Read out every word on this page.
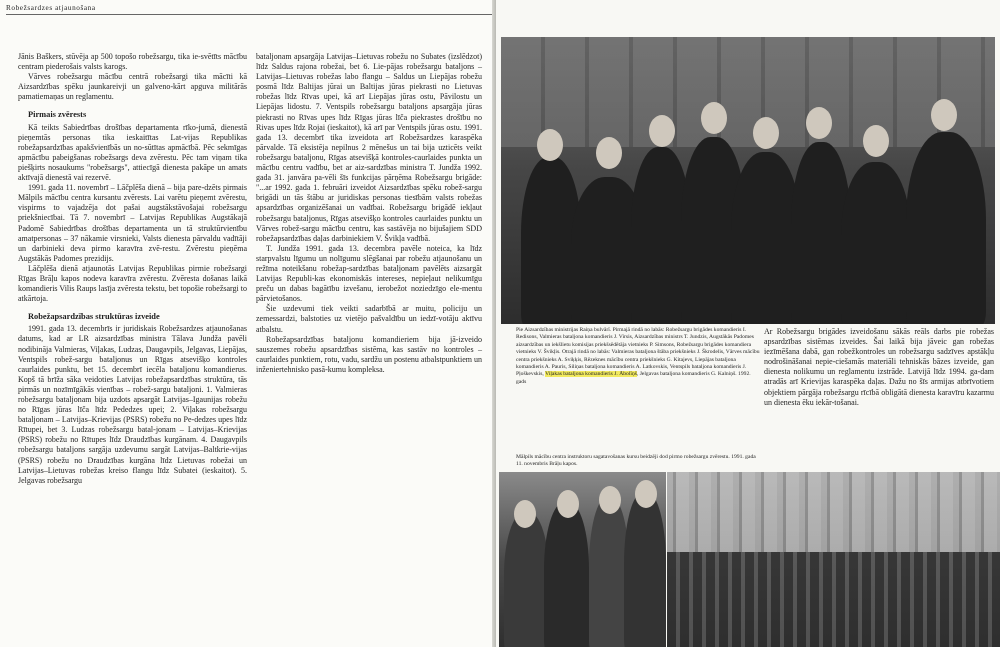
Robežsardzes atjaunošana

Jānis Baškers, stūvēja ap 500 topošo robežsargu, tika ie-svētīts mācību centram piederošais valsts karogs.

Vārves robežsargu mācību centrā robežsargi tika mācīti kā Aizsardzības spēku jaunkareivji un galveno-kārt apguva militārās pamatiemaņas un reglamentu.

Pirmais zvērests

Kā teikts Sabiedrības drošības departamenta rīko-jumā, dienestā pieņemtās personas tika ieskaitītas Lat-vijas Republikas robežapsardzības apakšvienībās un no-sūtītas apmācībā. Pēc sekmīgas apmācību pabeigšanas robežsargs deva zvērestu. Pēc tam viņam tika piešķirts nosaukums "robežsargs", attiecīgā dienesta pakāpe un amats aktīvajā dienestā vai rezervē.

1991. gada 11. novembrī – Lāčplēša dienā – bija pare-dzēts pirmais Mālpils mācību centra kursantu zvērests. Lai varētu pieņemt zvērestu, vispirms to vajadzēja dot pašai augstākstāvošajai robežsargu priekšniecībai. Tā 7. novembrī – Latvijas Republikas Augstākajā Padomē Sabiedrības drošības departamenta un tā struktūrvienību amatpersonas – 37 nākamie virsnieki, Valsts dienesta pārvaldu vadītāji un darbinieki deva pirmo karavīra zvē-restu. Zvērestu pieņēma Augstākās Padomes prezidijs.

Lāčplēša dienā atjaunotās Latvijas Republikas pirmie robežsargi Rīgas Brāļu kapos nodeva karavīra zvērestu. Zvēresta došanas laikā komandieris Vilis Raups lasīja zvēresta tekstu, bet topošie robežsargi to atkārtoja.

Robežapsardzības struktūras izveide

1991. gada 13. decembrīs ir juridiskais Robežsardzes atjaunošanas datums, kad ar LR aizsardzības ministra Tālava Jundža pavēli nodibināja Valmieras, Viļakas, Ludzas, Daugavpils, Jelgavas, Liepājas, Ventspils robež-sargu bataljonus un Rīgas atsevišķo kontroles caurlaides punktu, bet 15. decembrī iecēla bataljonu komandierus. Kopš tā brīža sāka veidoties Latvijas robežapsardzības struktūra, tās pirmās un nozīmīgākās vienības – robež-sargu bataljoni. 1. Valmieras robežsargu bataljonam bija uzdots apsargāt Latvijas–Igaunijas robežu no Rīgas jūras līča līdz Pededzes upei; 2. Viļakas robežsargu bataljonam – Latvijas–Krievijas (PSRS) robežu no Pe-dedzes upes līdz Rītupei, bet 3. Ludzas robežsargu batal-jonam – Latvijas–Krievijas (PSRS) robežu no Rītupes līdz Draudzības kurgānam. 4. Daugavpils robežsargu bataljons sargāja uzdevumu sargāt Latvijas–Baltkrie-vijas (PSRS) robežu no Draudzības kurgāna līdz Lietuvas robežai un Latvijas–Lietuvas robežas kreiso flangu līdz Subatei (ieskaitot). 5. Jelgavas robežsargu

bataljonam apsargāja Latvijas–Lietuvas robežu no Subates (izslēdzot) līdz Saldus rajona robežai, bet 6. Lie-pājas robežsargu bataljons – Latvijas–Lietuvas robežas labo flangu – Saldus un Liepājas robežu posmā līdz Baltijas jūrai un Baltijas jūras piekrasti no Lietuvas robežas līdz Rīvas upei, kā arī Liepājas jūras ostu, Pāvilostu un Liepājas lidostu. 7. Ventspils robežsargu bataljons apsargāja jūras piekrasti no Rīvas upes līdz Rīgas jūras līča piekrastes drošību no Rivas upes līdz Rojai (ieskaitot), kā arī par Ventspils jūras ostu. 1991. gada 13. decembrī tika izveidota arī Robežsardzes karaspēka pārvalde. Tā eksistēja nepilnus 2 mēnešus un tai bija uzticēts veikt robežsargu bataljonu, Rīgas atsevišķā kontroles-caurlaides punkta un mācību centru vadību, bet ar aiz-sardzības ministra T. Jundža 1992. gada 31. janvāra pa-vēli šīs funkcijas pārņēma Robežsargu brigāde: "...ar 1992. gada 1. februāri izveidot Aizsardzības spēku robež-sargu brigādi un tās štābu ar juridiskas personas tiesībām valsts robežas apsardzības organizēšanai un vadībai. Robežsargu brigādē iekļaut robežsargu bataljonus, Rīgas atsevišķo kontroles caurlaides punktu un Vārves robež-sargu mācību centru, kas sastāvēja no bijušajiem SDD robežapsardzības daļas darbiniekiem V. Švikļa vadībā.

T. Jundža 1991. gada 13. decembra pavēle noteica, ka līdz starpvalstu līgumu un nolīgumu slēgšanai par robežu atjaunošanu un režīma noteikšanu robežap-sardzības bataljonam pavēlēts aizsargāt Latvijas Republi-kas ekonomiskās intereses, nepieļaut nelikumīgu preču un dabas bagātību izvešanu, ierobežot noziedzīgo ele-mentu pārvietošanos.

Šie uzdevumi tiek veikti sadarbībā ar muitu, policiju un zemessardzi, balstoties uz vietējo pašvaldību un iedzī-votāju aktīvu atbalstu.

Robežapsardzības bataljonu komandieriem bija jā-izveido sauszemes robežu apsardzības sistēma, kas sastāv no kontroles – caurlaides punktiem, rotu, vadu, sardžu un postenu atbalstpunktiem un inženiertehnisko pasā-kumu kompleksa.

Pie Aizsardzības ministrijas Raiņa bulvārī. Pirmajā rindā no labās: Robežsargu brigādes komandieris I. Redisons, Valmieras bataljona komandieris J. Virsis, Aizsardzības ministrs T. Jundzis, Augstākās Padomes aizsardzības un iekšlietu komisijas priekšsēdētāja vietnieks P. Simsons, Robežsargu brigādes komandiera vietnieks V. Švikļis. Otrajā rindā no labās: Valmieras bataljona štāba priekšnieks J. Škrodelis, Vārves mācību centra priekšnieks A. Sviķķis, Rēzeknes mācību centra priekšnieks G. Kitajevs, Liepājas bataljona komandieris A. Pauris, Siliņas bataljona komandieris A. Latkovskis, Ventspils bataljona komandieris J. Pļoškevskis, Viļakas bataljona komandieris J. Ābolīņš, Jelgavas bataljona komandieris G. Kalniņš. 1992. gads
Mālpils mācību centra instruktoru sagatavošanas kursu beidzēji dod pirmo robežsargu zvērestu. 1991. gada 11. novembris Brāļu kapos.

Ar Robežsargu brigādes izveidošanu sākās reāls darbs pie robežas apsardzības sistēmas izveides. Šai laikā bija jāveic gan robežas iezīmēšana dabā, gan robežkontroles un robežsargu sadzīves apstākļu nodrošināšanai nepie-ciešamās materiāli tehniskās bāzes izveide, gan dienesta nolikumu un reglamentu izstrāde. Latvijā līdz 1994. ga-dam atradās arī Krievijas karaspēka daļas. Dažu no šīs armijas atbrīvotiem objektiem pārgāja robežsargu rīcībā obligātā dienesta karavīru kazarmu un dienesta ēku iekār-tošanai.
